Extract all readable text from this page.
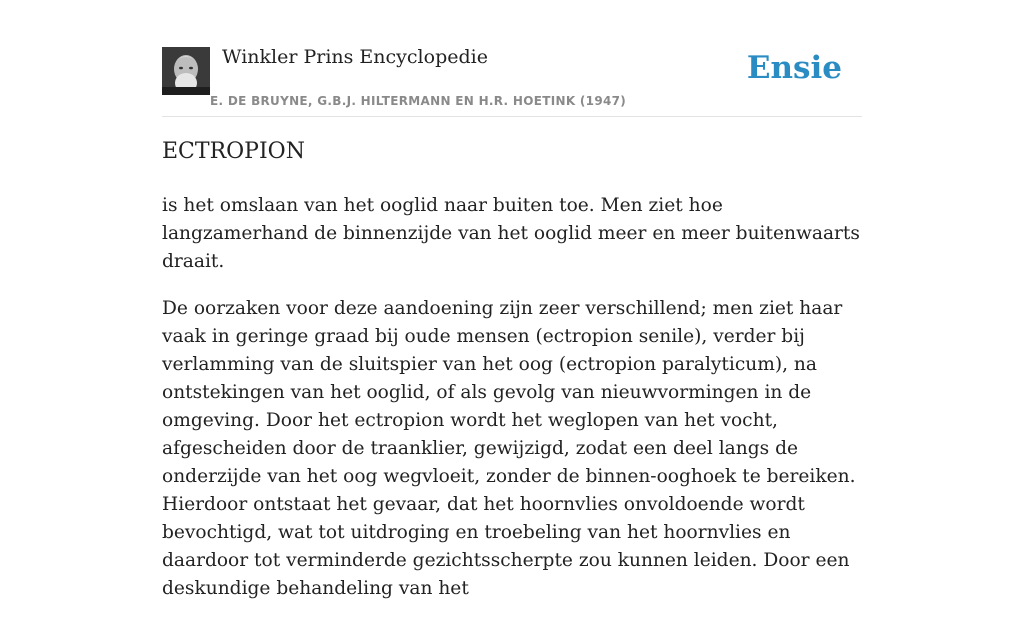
Winkler Prins Encyclopedie
E. DE BRUYNE, G.B.J. HILTERMANN EN H.R. HOETINK (1947)
Ensie
ECTROPION

is het omslaan van het ooglid naar buiten toe. Men ziet hoe langzamerhand de binnenzijde van het ooglid meer en meer buitenwaarts draait.

De oorzaken voor deze aandoening zijn zeer verschillend; men ziet haar vaak in geringe graad bij oude mensen (ectropion senile), verder bij verlamming van de sluitspier van het oog (ectropion paralyticum), na ontstekingen van het ooglid, of als gevolg van nieuwvormingen in de omgeving. Door het ectropion wordt het weglopen van het vocht, afgescheiden door de traanklier, gewijzigd, zodat een deel langs de onderzijde van het oog wegvloeit, zonder de binnen-ooghoek te bereiken. Hierdoor ontstaat het gevaar, dat het hoornvlies onvoldoende wordt bevochtigd, wat tot uitdroging en troebeling van het hoornvlies en daardoor tot verminderde gezichtsscherpte zou kunnen leiden. Door een deskundige behandeling van het
